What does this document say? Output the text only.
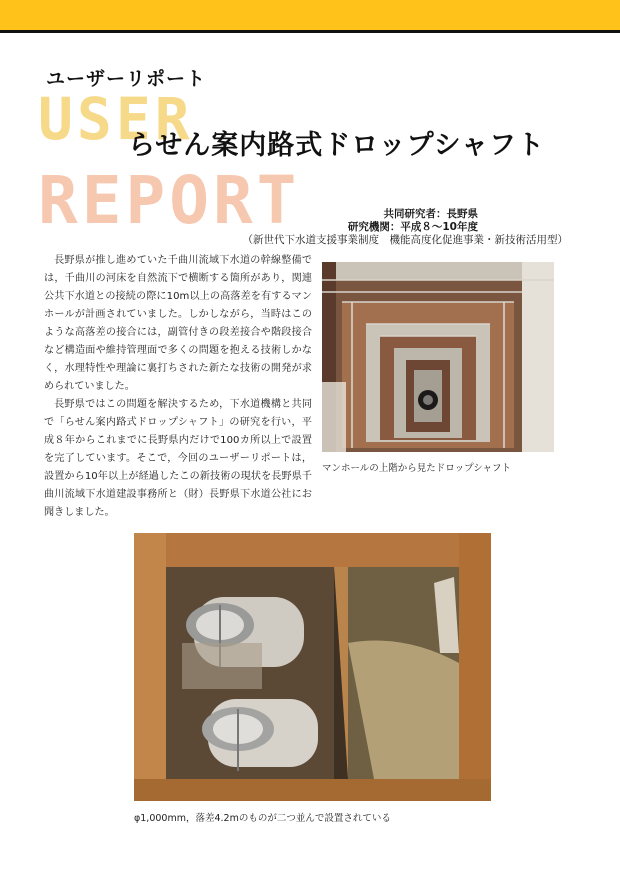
USER
REPORT
ユーザーリポート
らせん案内路式ドロップシャフト
共同研究者：長野県
研究機関：平成８～10年度
（新世代下水道支援事業制度　機能高度化促進事業・新技術活用型）

長野県が推し進めていた千曲川流域下水道の幹線整備では，千曲川の河床を自然流下で横断する箇所があり，関連公共下水道との接続の際に10m以上の高落差を有するマンホールが計画されていました。しかしながら，当時はこのような高落差の接合には，副管付きの段差接合や階段接合など構造面や維持管理面で多くの問題を抱える技術しかなく，水理特性や理論に裏打ちされた新たな技術の開発が求められていました。

長野県ではこの問題を解決するため，下水道機構と共同で「らせん案内路式ドロップシャフト」の研究を行い，平成８年からこれまでに長野県内だけで100カ所以上で設置を完了しています。そこで，今回のユーザーリポートは，設置から10年以上が経過したこの新技術の現状を長野県千曲川流域下水道建設事務所と（財）長野県下水道公社にお聞きしました。

マンホールの上階から見たドロップシャフト
φ1,000mm，落差4.2mのものが二つ並んで設置されている
